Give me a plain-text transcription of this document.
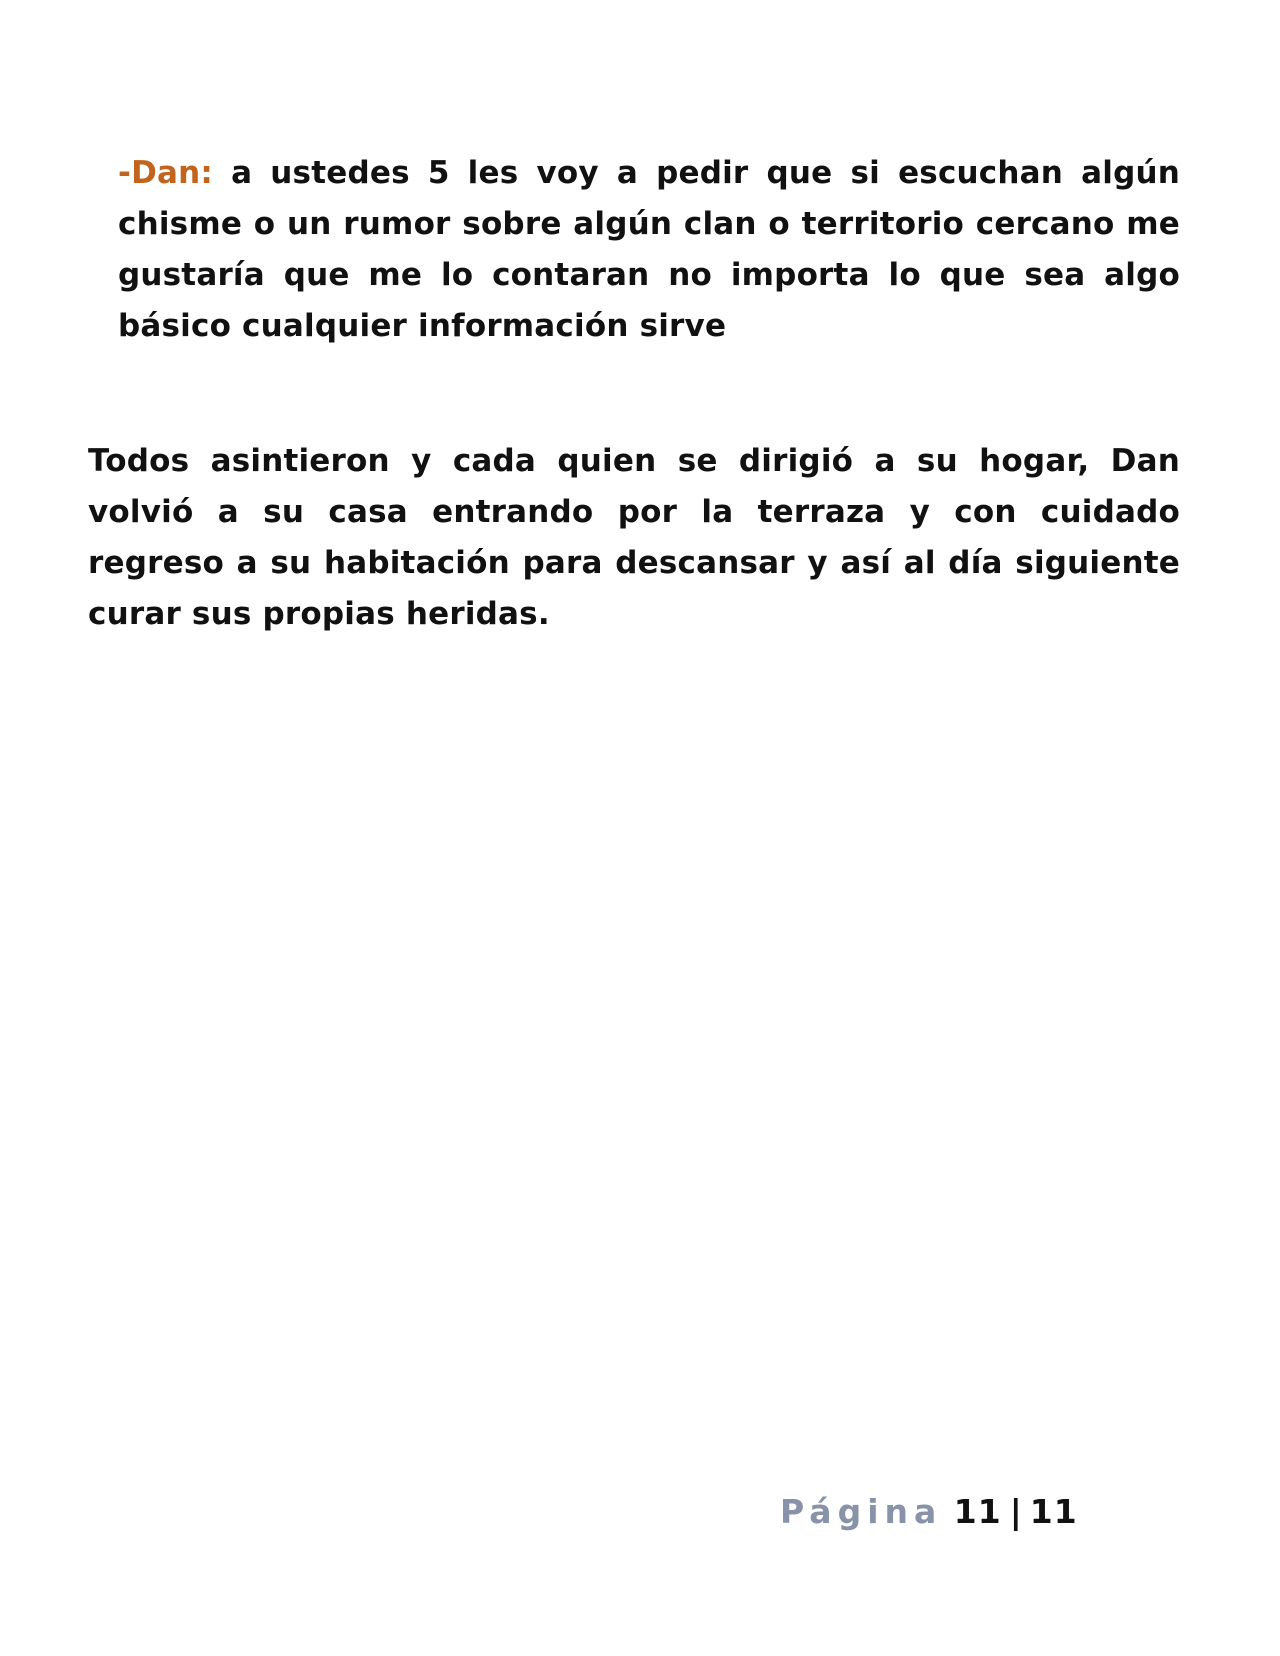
-Dan: a ustedes 5 les voy a pedir que si escuchan algún chisme o un rumor sobre algún clan o territorio cercano me gustaría que me lo contaran no importa lo que sea algo básico cualquier información sirve

Todos asintieron y cada quien se dirigió a su hogar, Dan volvió a su casa entrando por la terraza y con cuidado regreso a su habitación para descansar y así al día siguiente curar sus propias heridas.

Página 11 | 11
